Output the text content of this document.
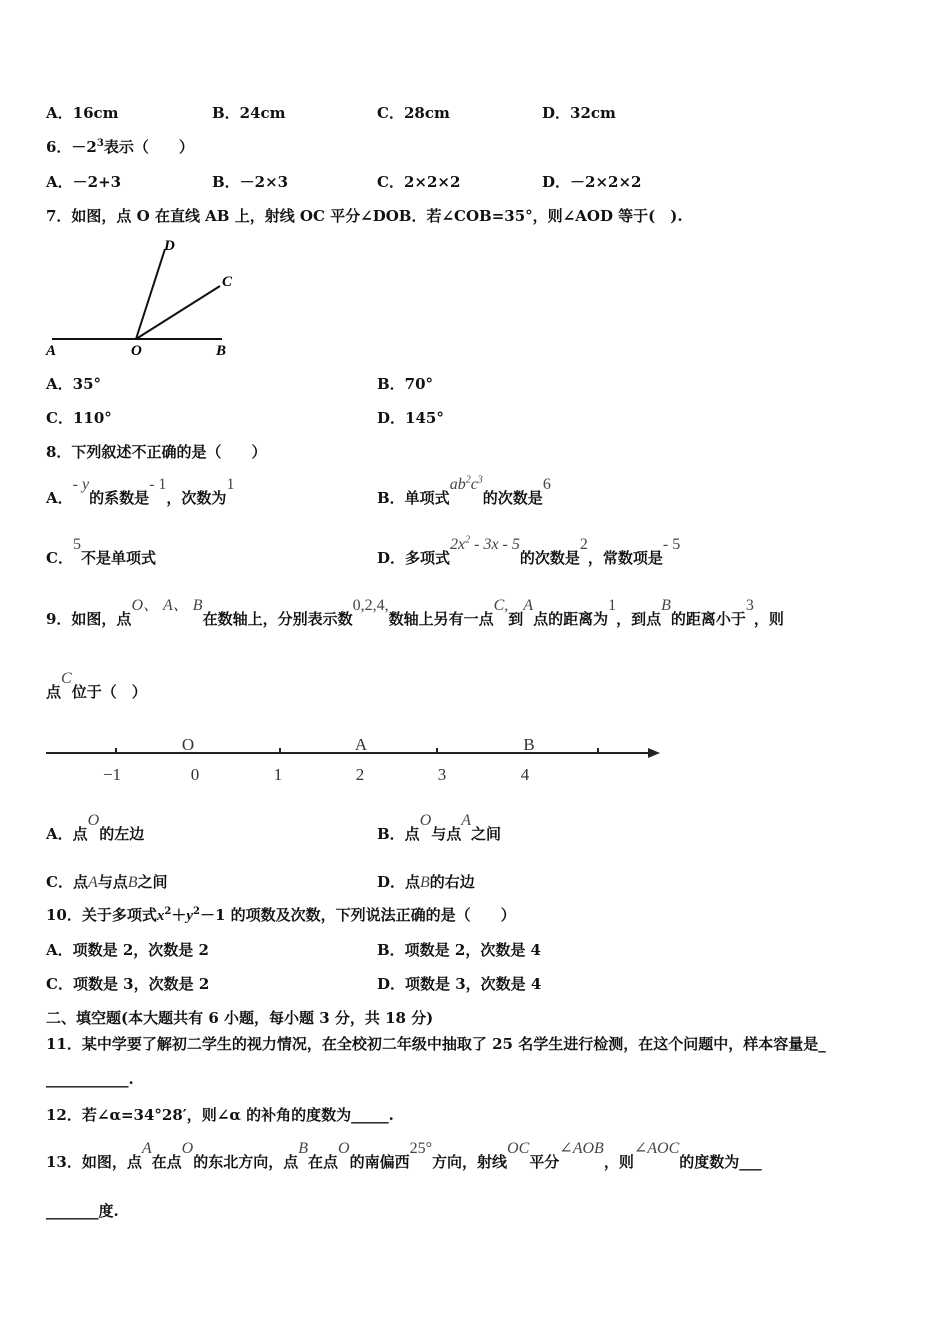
A．16cm	B．24cm	C．28cm	D．32cm
6．$-2^3$表示（　　）
A．－2+3	B．－2×3	C．2×2×2	D．－2×2×2
7．如图，点 O 在直线 AB 上，射线 OC 平分∠DOB．若∠COB=35°，则∠AOD 等于(　).
D
C
A	O	B
A．35°	B．70°
C．110°	D．145°
8．下列叙述不正确的是（　　）
A．- y的系数是- 1，次数为1
B．单项式$ab^2c^3$的次数是6
C．5不是单项式	D．多项式$2x^2 - 3x - 5$的次数是2，常数项是- 5
9．如图，点O、 A、 B在数轴上，分别表示数0,2,4,数轴上另有一点C,到A点的距离为1，到点B的距离小于3，则
点C位于（　）
−1	0	1	2	3	4
O	A	B
A．点O的左边	B．点O与点A之间
C．点A与点B之间	D．点B的右边
10．关于多项式$x^2+y^2-1$ 的项数及次数，下列说法正确的是（　　）
A．项数是 2，次数是 2	B．项数是 2，次数是 4
C．项数是 3，次数是 2	D．项数是 3，次数是 4
二、填空题(本大题共有 6 小题，每小题 3 分，共 18 分)
11．某中学要了解初二学生的视力情况，在全校初二年级中抽取了 25 名学生进行检测，在这个问题中，样本容量是_
___________.
12．若∠α=34°28′，则∠α 的补角的度数为_____.
13．如图，点A在点O的东北方向，点B在点O的南偏西25°方向，射线OC平分∠AOB，则∠AOC的度数为___
_______度.
